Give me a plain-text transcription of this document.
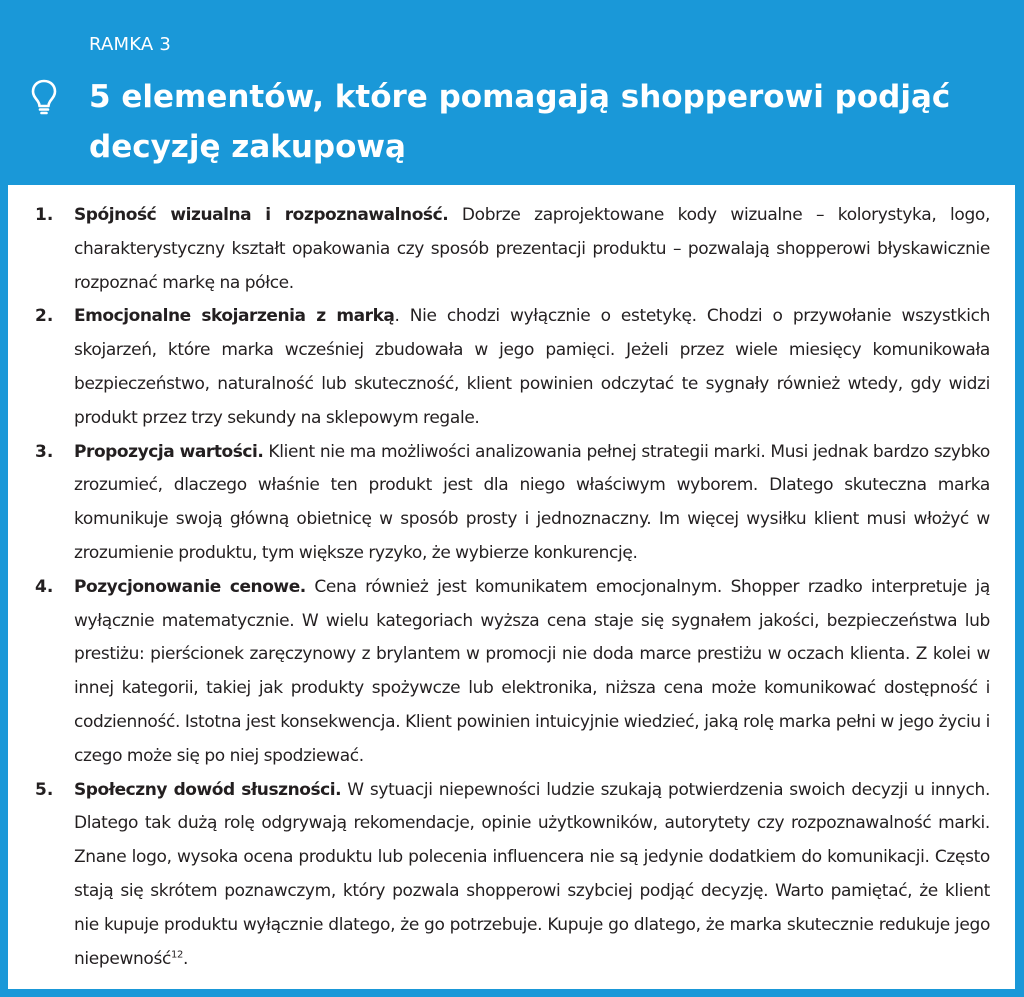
RAMKA 3
5 elementów, które pomagają shopperowi podjąć decyzję zakupową
1. Spójność wizualna i rozpoznawalność. Dobrze zaprojektowane kody wizualne – kolorystyka, logo, charakterystyczny kształt opakowania czy sposób prezentacji produktu – pozwalają shopperowi błyskawicznie rozpoznać markę na półce.
2. Emocjonalne skojarzenia z marką. Nie chodzi wyłącznie o estetykę. Chodzi o przywołanie wszystkich skojarzeń, które marka wcześniej zbudowała w jego pamięci. Jeżeli przez wiele miesięcy komunikowała bezpieczeństwo, naturalność lub skuteczność, klient powinien odczytać te sygnały również wtedy, gdy widzi produkt przez trzy sekundy na sklepowym regale.
3. Propozycja wartości. Klient nie ma możliwości analizowania pełnej strategii marki. Musi jednak bardzo szybko zrozumieć, dlaczego właśnie ten produkt jest dla niego właściwym wyborem. Dlatego skuteczna marka komunikuje swoją główną obietnicę w sposób prosty i jednoznaczny. Im więcej wysiłku klient musi włożyć w zrozumienie produktu, tym większe ryzyko, że wybierze konkurencję.
4. Pozycjonowanie cenowe. Cena również jest komunikatem emocjonalnym. Shopper rzadko interpretuje ją wyłącznie matematycznie. W wielu kategoriach wyższa cena staje się sygnałem jakości, bezpieczeństwa lub prestiżu: pierścionek zaręczynowy z brylantem w promocji nie doda marce prestiżu w oczach klienta. Z kolei w innej kategorii, takiej jak produkty spożywcze lub elektronika, niższa cena może komunikować dostępność i codzienność. Istotna jest konsekwencja. Klient powinien intuicyjnie wiedzieć, jaką rolę marka pełni w jego życiu i czego może się po niej spodziewać.
5. Społeczny dowód słuszności. W sytuacji niepewności ludzie szukają potwierdzenia swoich decyzji u innych. Dlatego tak dużą rolę odgrywają rekomendacje, opinie użytkowników, autorytety czy rozpoznawalność marki. Znane logo, wysoka ocena produktu lub polecenia influencera nie są jedynie dodatkiem do komunikacji. Często stają się skrótem poznawczym, który pozwala shopperowi szybciej podjąć decyzję. Warto pamiętać, że klient nie kupuje produktu wyłącznie dlatego, że go potrzebuje. Kupuje go dlatego, że marka skutecznie redukuje jego niepewność$^{12}$.
